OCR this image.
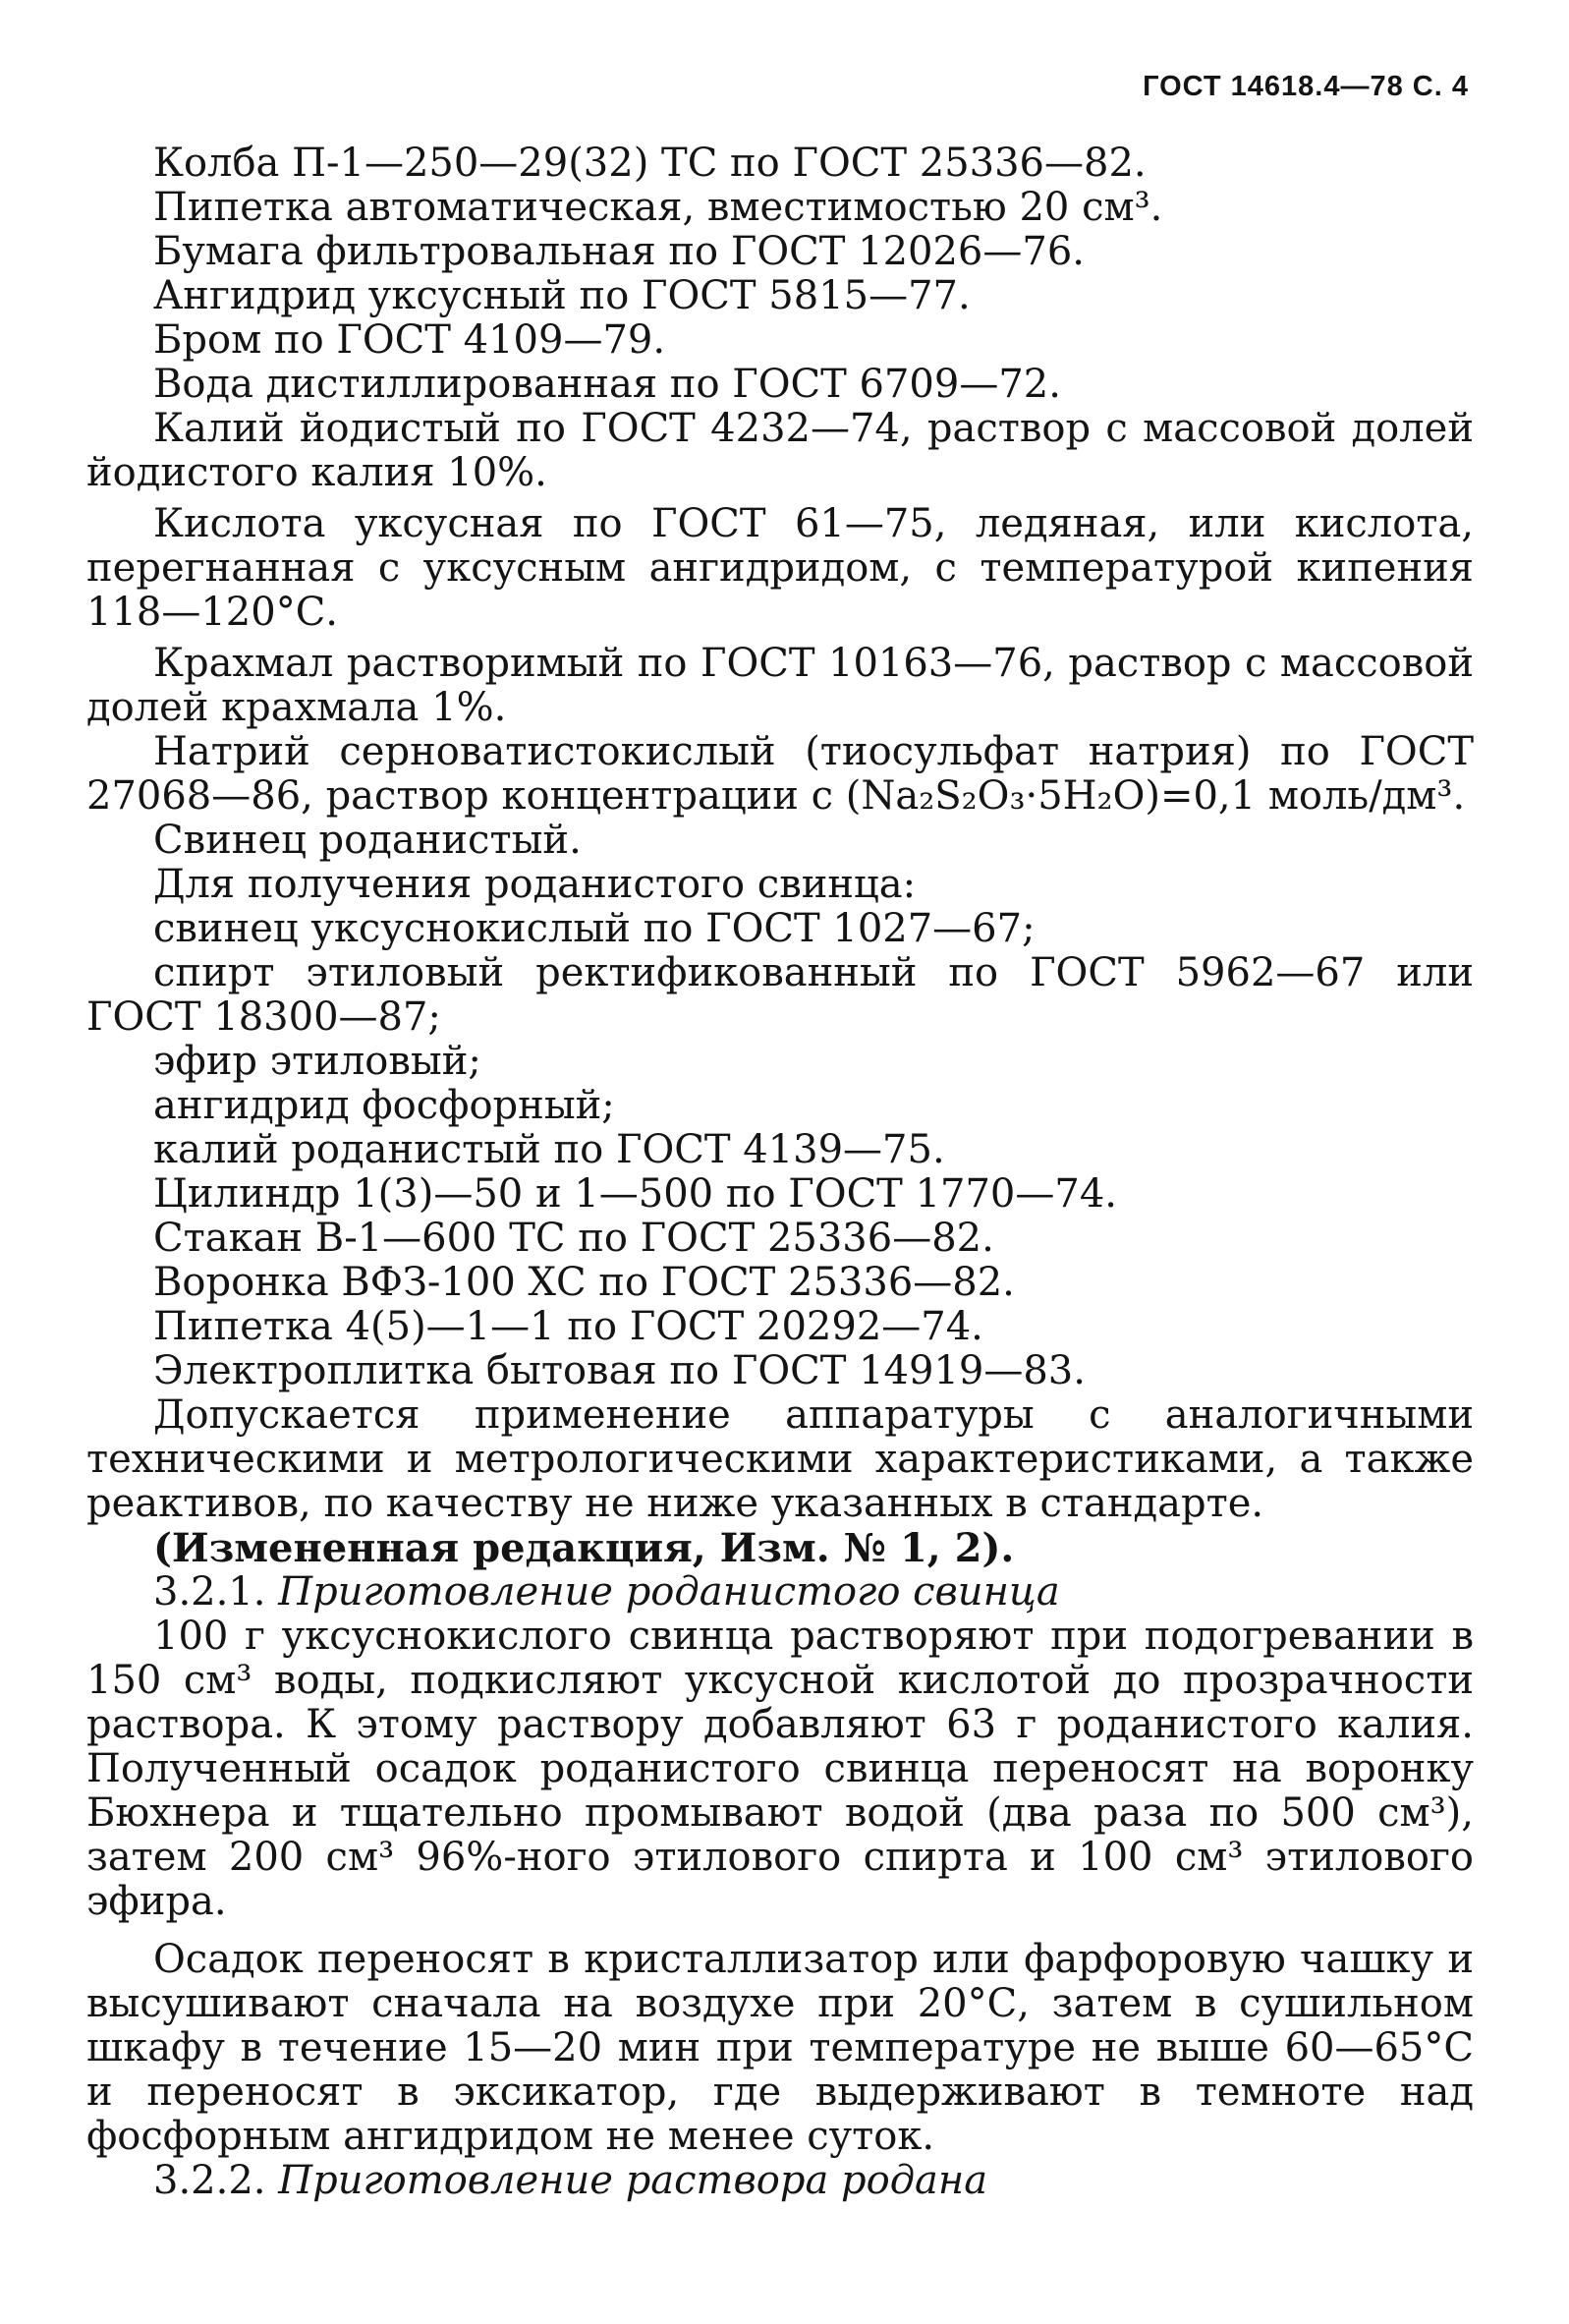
ГОСТ 14618.4—78 С. 4

Колба П-1—250—29(32) ТС по ГОСТ 25336—82.

Пипетка автоматическая, вместимостью 20 см³.

Бумага фильтровальная по ГОСТ 12026—76.

Ангидрид уксусный по ГОСТ 5815—77.

Бром по ГОСТ 4109—79.

Вода дистиллированная по ГОСТ 6709—72.

Калий йодистый по ГОСТ 4232—74, раствор с массовой долей йодистого калия 10%.

Кислота уксусная по ГОСТ 61—75, ледяная, или кислота, перегнанная с уксусным ангидридом, с температурой кипения 118—120°С.

Крахмал растворимый по ГОСТ 10163—76, раствор с массовой долей крахмала 1%.

Натрий серноватистокислый (тиосульфат натрия) по ГОСТ 27068—86, раствор концентрации с (Na₂S₂O₃·5H₂O)=0,1 моль/дм³.

Свинец роданистый.

Для получения роданистого свинца:

свинец уксуснокислый по ГОСТ 1027—67;

спирт этиловый ректификованный по ГОСТ 5962—67 или ГОСТ 18300—87;

эфир этиловый;

ангидрид фосфорный;

калий роданистый по ГОСТ 4139—75.

Цилиндр 1(3)—50 и 1—500 по ГОСТ 1770—74.

Стакан В-1—600 ТС по ГОСТ 25336—82.

Воронка ВФЗ-100 ХС по ГОСТ 25336—82.

Пипетка 4(5)—1—1 по ГОСТ 20292—74.

Электроплитка бытовая по ГОСТ 14919—83.

Допускается применение аппаратуры с аналогичными техническими и метрологическими характеристиками, а также реактивов, по качеству не ниже указанных в стандарте.

(Измененная редакция, Изм. № 1, 2).

3.2.1. Приготовление роданистого свинца

100 г уксуснокислого свинца растворяют при подогревании в 150 см³ воды, подкисляют уксусной кислотой до прозрачности раствора. К этому раствору добавляют 63 г роданистого калия. Полученный осадок роданистого свинца переносят на воронку Бюхнера и тщательно промывают водой (два раза по 500 см³), затем 200 см³ 96%-ного этилового спирта и 100 см³ этилового эфира.

Осадок переносят в кристаллизатор или фарфоровую чашку и высушивают сначала на воздухе при 20°С, затем в сушильном шкафу в течение 15—20 мин при температуре не выше 60—65°С и переносят в эксикатор, где выдерживают в темноте над фосфорным ангидридом не менее суток.

3.2.2. Приготовление раствора родана
